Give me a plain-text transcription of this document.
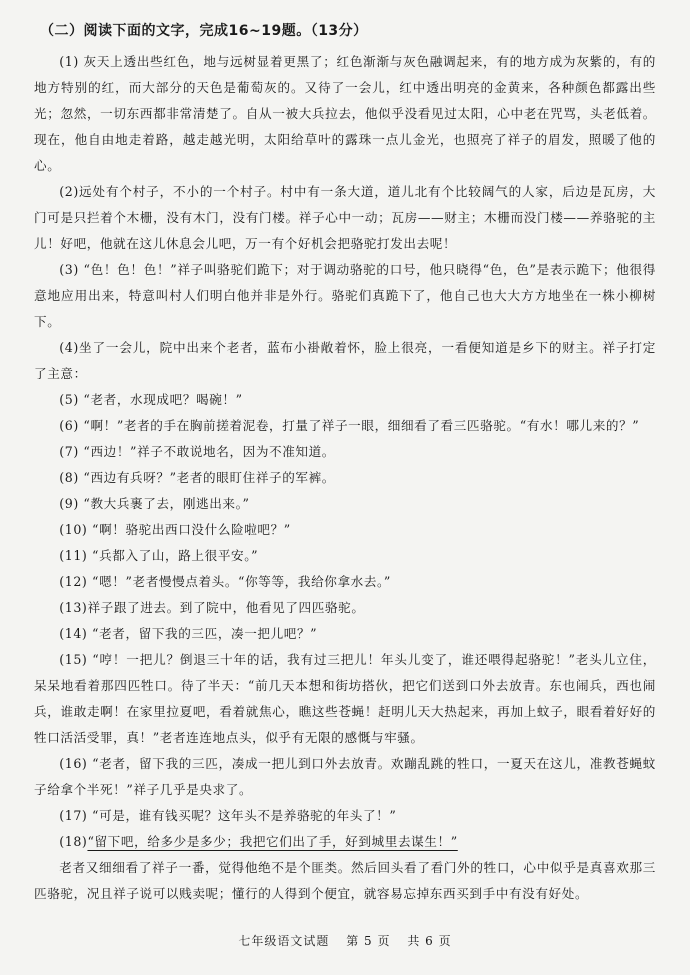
（二）阅读下面的文字，完成16~19题。（13分）

(1) 灰天上透出些红色，地与远树显着更黑了；红色渐渐与灰色融调起来，有的地方成为灰紫的，有的地方特别的红，而大部分的天色是葡萄灰的。又待了一会儿，红中透出明亮的金黄来，各种颜色都露出些光；忽然，一切东西都非常清楚了。自从一被大兵拉去，他似乎没看见过太阳，心中老在咒骂，头老低着。现在，他自由地走着路，越走越光明，太阳给草叶的露珠一点儿金光，也照亮了祥子的眉发，照暖了他的心。

(2)远处有个村子，不小的一个村子。村中有一条大道，道儿北有个比较阔气的人家，后边是瓦房，大门可是只拦着个木栅，没有木门，没有门楼。祥子心中一动；瓦房——财主；木栅而没门楼——养骆驼的主儿！好吧，他就在这儿休息会儿吧，万一有个好机会把骆驼打发出去呢！

(3) “色！色！色！”祥子叫骆驼们跪下；对于调动骆驼的口号，他只晓得“色，色”是表示跪下；他很得意地应用出来，特意叫村人们明白他并非是外行。骆驼们真跪下了，他自己也大大方方地坐在一株小柳树下。

(4)坐了一会儿，院中出来个老者，蓝布小褂敞着怀，脸上很亮，一看便知道是乡下的财主。祥子打定了主意：

(5) “老者，水现成吧？喝碗！”

(6) “啊！”老者的手在胸前搓着泥卷，打量了祥子一眼，细细看了看三匹骆驼。“有水！哪儿来的？”

(7) “西边！”祥子不敢说地名，因为不准知道。

(8) “西边有兵呀？”老者的眼盯住祥子的军裤。

(9) “教大兵裹了去，刚逃出来。”

(10) “啊！骆驼出西口没什么险啦吧？”

(11) “兵都入了山，路上很平安。”

(12) “嗯！”老者慢慢点着头。“你等等，我给你拿水去。”

(13)祥子跟了进去。到了院中，他看见了四匹骆驼。

(14) “老者，留下我的三匹，凑一把儿吧？”

(15) “哼！一把儿？倒退三十年的话，我有过三把儿！年头儿变了，谁还喂得起骆驼！”老头儿立住，呆呆地看着那四匹牲口。待了半天：“前几天本想和街坊搭伙，把它们送到口外去放青。东也闹兵，西也闹兵，谁敢走啊！在家里拉夏吧，看着就焦心，瞧这些苍蝇！赶明儿天大热起来，再加上蚊子，眼看着好好的牲口活活受罪，真！”老者连连地点头，似乎有无限的感慨与牢骚。

(16) “老者，留下我的三匹，凑成一把儿到口外去放青。欢蹦乱跳的牲口，一夏天在这儿，准教苍蝇蚊子给拿个半死！”祥子几乎是央求了。

(17) “可是，谁有钱买呢？这年头不是养骆驼的年头了！”

(18)“留下吧，给多少是多少；我把它们出了手，好到城里去谋生！”

老者又细细看了祥子一番，觉得他绝不是个匪类。然后回头看了看门外的牲口，心中似乎是真喜欢那三匹骆驼，况且祥子说可以贱卖呢；懂行的人得到个便宜，就容易忘掉东西买到手中有没有好处。

七年级语文试题 第 5 页 共 6 页
